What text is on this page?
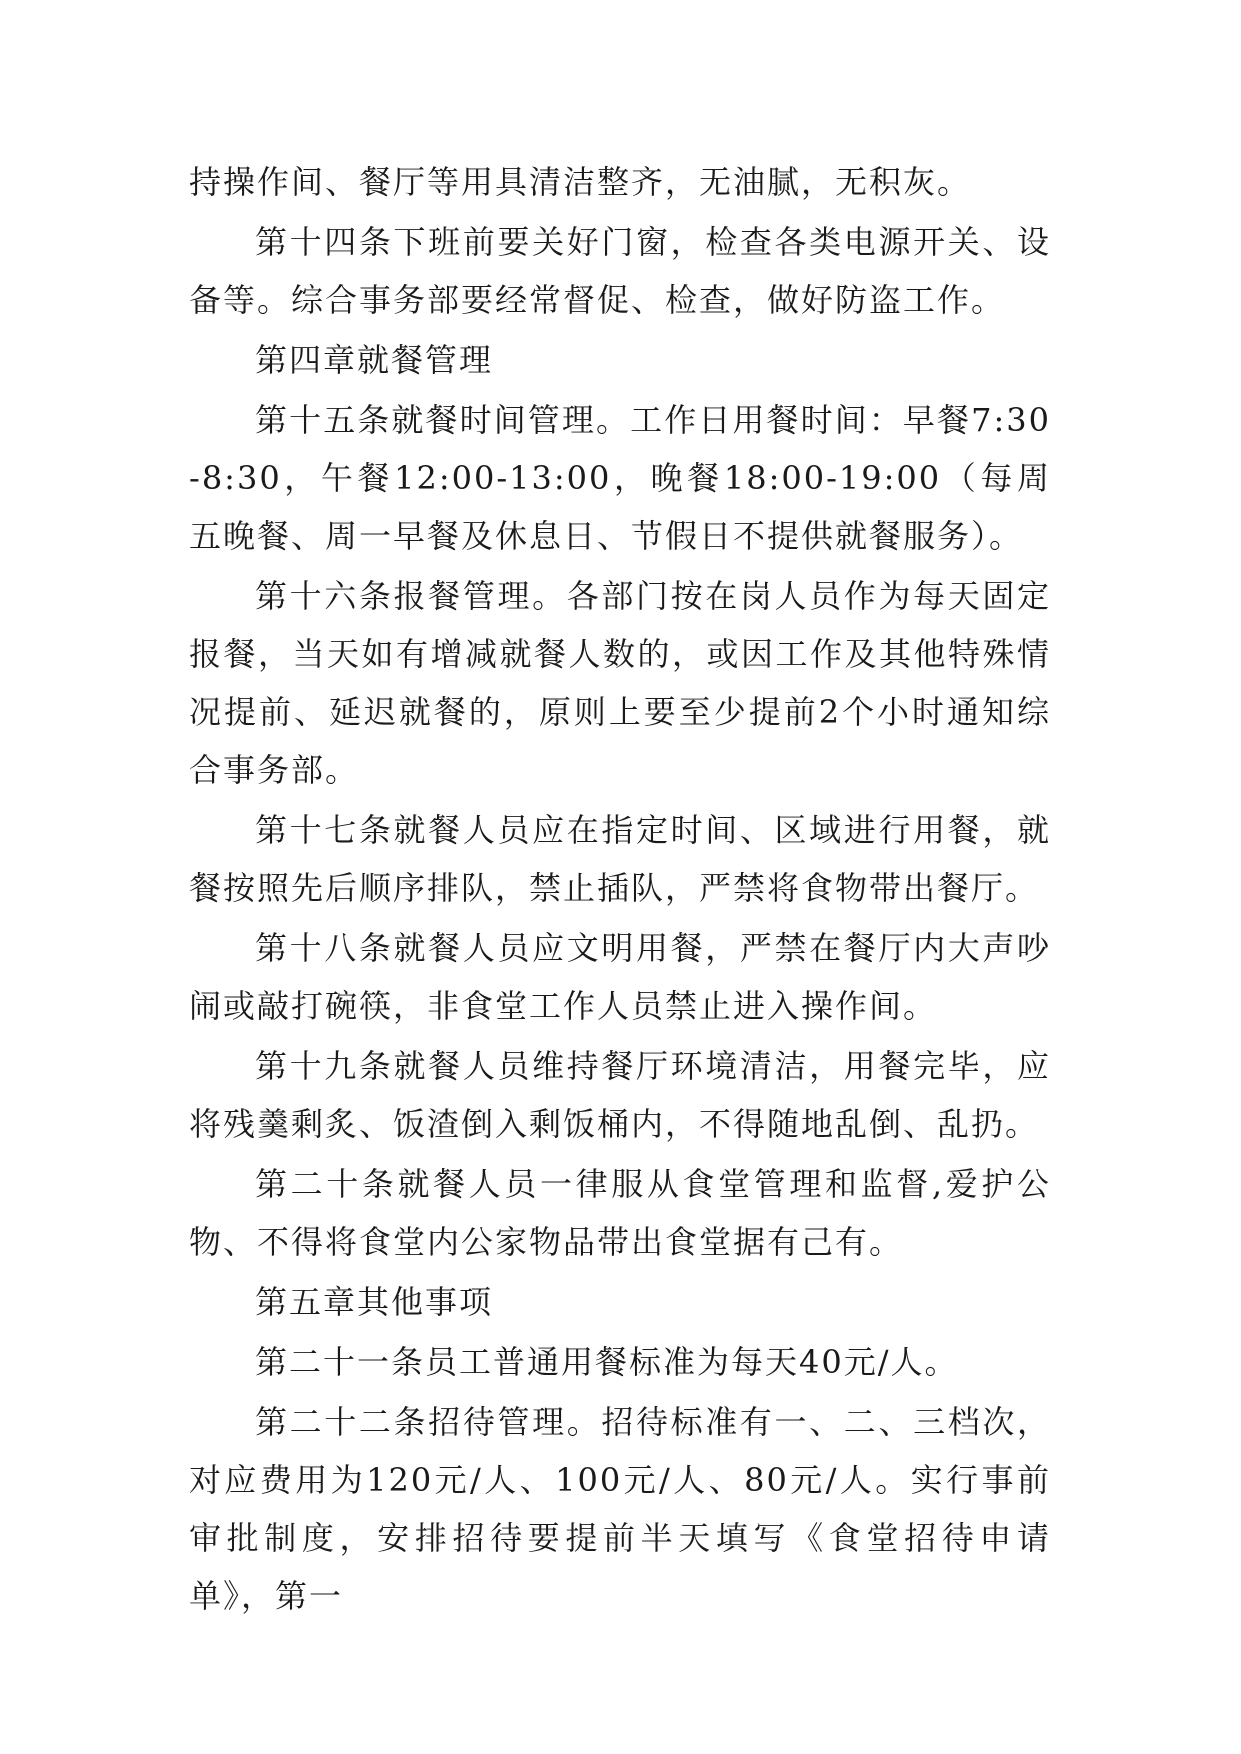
持操作间、餐厅等用具清洁整齐，无油腻，无积灰。

第十四条下班前要关好门窗，检查各类电源开关、设备等。综合事务部要经常督促、检查，做好防盗工作。

第四章就餐管理

第十五条就餐时间管理。工作日用餐时间：早餐7:30-8:30，午餐12:00-13:00，晚餐18:00-19:00（每周五晚餐、周一早餐及休息日、节假日不提供就餐服务）。

第十六条报餐管理。各部门按在岗人员作为每天固定报餐，当天如有增减就餐人数的，或因工作及其他特殊情况提前、延迟就餐的，原则上要至少提前2个小时通知综合事务部。

第十七条就餐人员应在指定时间、区域进行用餐，就餐按照先后顺序排队，禁止插队，严禁将食物带出餐厅。

第十八条就餐人员应文明用餐，严禁在餐厅内大声吵闹或敲打碗筷，非食堂工作人员禁止进入操作间。

第十九条就餐人员维持餐厅环境清洁，用餐完毕，应将残羹剩炙、饭渣倒入剩饭桶内，不得随地乱倒、乱扔。

第二十条就餐人员一律服从食堂管理和监督,爱护公物、不得将食堂内公家物品带出食堂据有己有。

第五章其他事项

第二十一条员工普通用餐标准为每天40元/人。

第二十二条招待管理。招待标准有一、二、三档次，对应费用为120元/人、100元/人、80元/人。实行事前审批制度，安排招待要提前半天填写《食堂招待申请单》，第一
